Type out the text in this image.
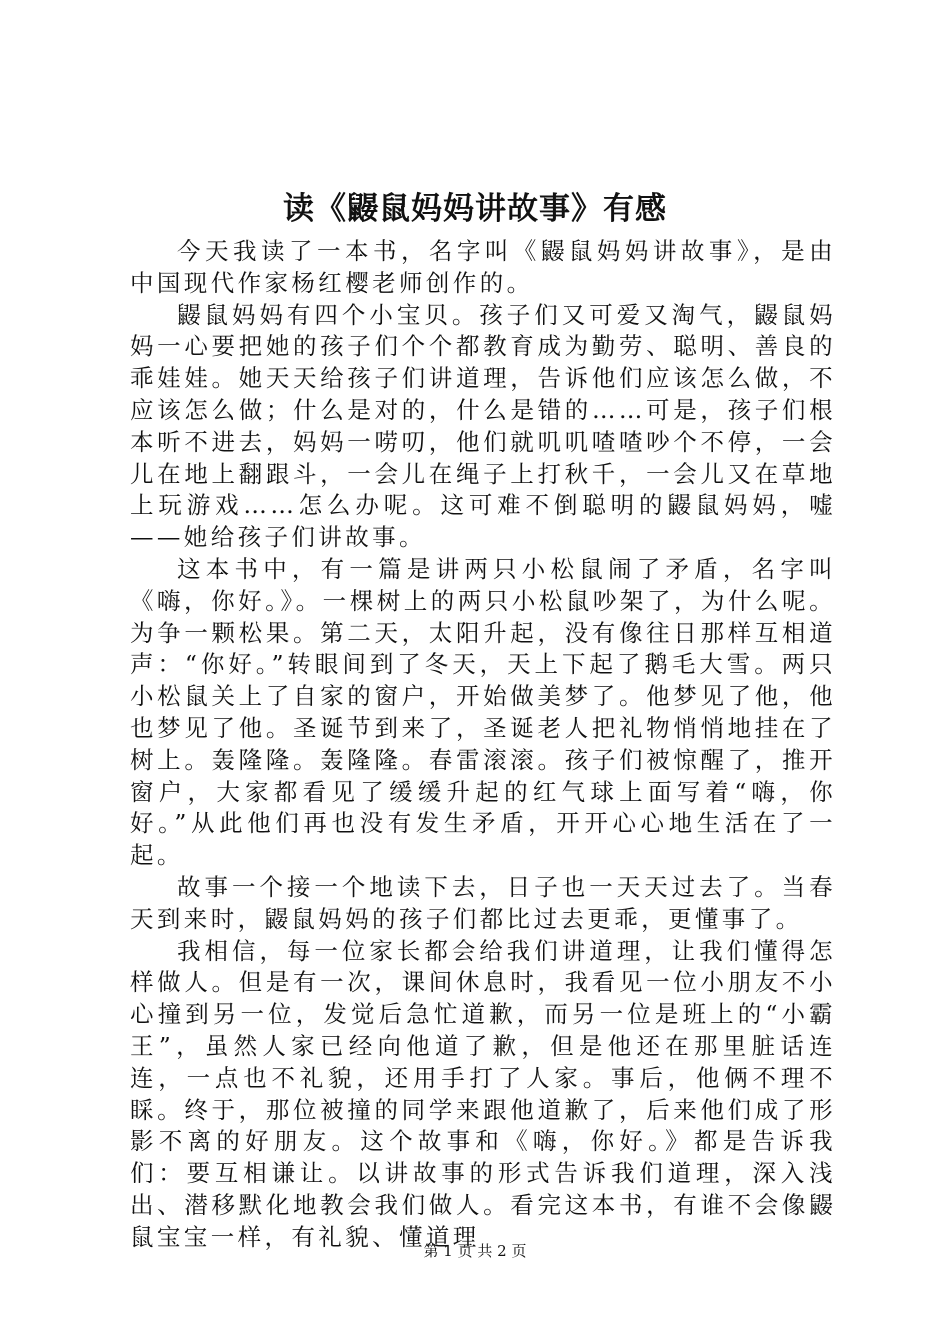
读《鼹鼠妈妈讲故事》有感

今天我读了一本书，名字叫《鼹鼠妈妈讲故事》，是由中国现代作家杨红樱老师创作的。

鼹鼠妈妈有四个小宝贝。孩子们又可爱又淘气，鼹鼠妈妈一心要把她的孩子们个个都教育成为勤劳、聪明、善良的乖娃娃。她天天给孩子们讲道理，告诉他们应该怎么做，不应该怎么做；什么是对的，什么是错的……可是，孩子们根本听不进去，妈妈一唠叨，他们就叽叽喳喳吵个不停，一会儿在地上翻跟斗，一会儿在绳子上打秋千，一会儿又在草地上玩游戏……怎么办呢。这可难不倒聪明的鼹鼠妈妈，嘘——她给孩子们讲故事。

这本书中，有一篇是讲两只小松鼠闹了矛盾，名字叫《嗨，你好。》。一棵树上的两只小松鼠吵架了，为什么呢。为争一颗松果。第二天，太阳升起，没有像往日那样互相道声：“你好。”转眼间到了冬天，天上下起了鹅毛大雪。两只小松鼠关上了自家的窗户，开始做美梦了。他梦见了他，他也梦见了他。圣诞节到来了，圣诞老人把礼物悄悄地挂在了树上。轰隆隆。轰隆隆。春雷滚滚。孩子们被惊醒了，推开窗户，大家都看见了缓缓升起的红气球上面写着“嗨，你好。”从此他们再也没有发生矛盾，开开心心地生活在了一起。

故事一个接一个地读下去，日子也一天天过去了。当春天到来时，鼹鼠妈妈的孩子们都比过去更乖，更懂事了。

我相信，每一位家长都会给我们讲道理，让我们懂得怎样做人。但是有一次，课间休息时，我看见一位小朋友不小心撞到另一位，发觉后急忙道歉，而另一位是班上的“小霸王”，虽然人家已经向他道了歉，但是他还在那里脏话连连，一点也不礼貌，还用手打了人家。事后，他俩不理不睬。终于，那位被撞的同学来跟他道歉了，后来他们成了形影不离的好朋友。这个故事和《嗨，你好。》都是告诉我们：要互相谦让。以讲故事的形式告诉我们道理，深入浅出、潜移默化地教会我们做人。看完这本书，有谁不会像鼹鼠宝宝一样，有礼貌、懂道理

第 1 页 共 2 页
